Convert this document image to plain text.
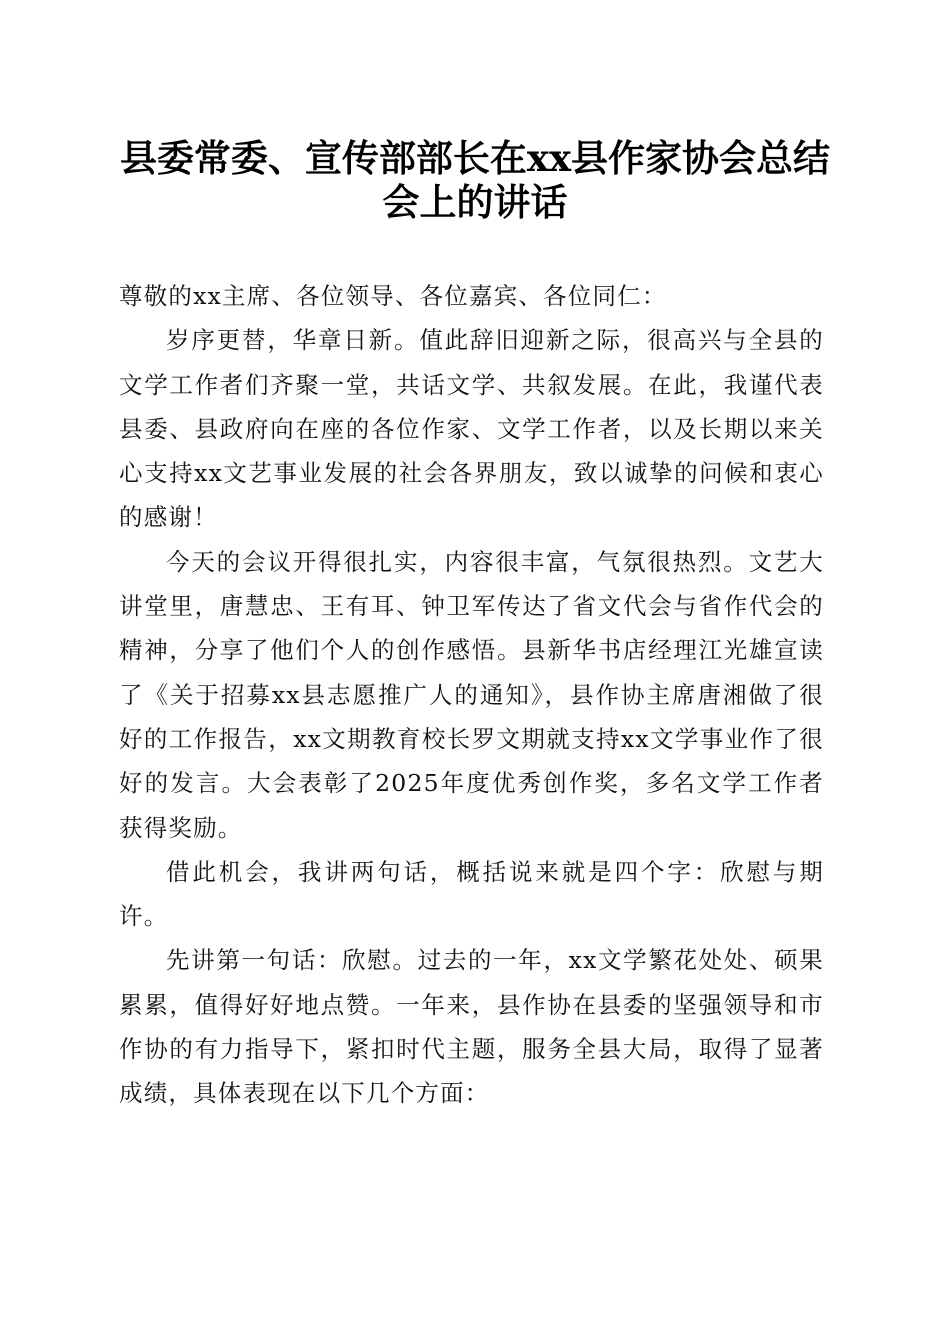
县委常委、宣传部部长在xx县作家协会总结
会上的讲话

尊敬的xx主席、各位领导、各位嘉宾、各位同仁：

岁序更替，华章日新。值此辞旧迎新之际，很高兴与全县的文学工作者们齐聚一堂，共话文学、共叙发展。在此，我谨代表县委、县政府向在座的各位作家、文学工作者，以及长期以来关心支持xx文艺事业发展的社会各界朋友，致以诚挚的问候和衷心的感谢！

今天的会议开得很扎实，内容很丰富，气氛很热烈。文艺大讲堂里，唐慧忠、王有耳、钟卫军传达了省文代会与省作代会的精神，分享了他们个人的创作感悟。县新华书店经理江光雄宣读了《关于招募xx县志愿推广人的通知》，县作协主席唐湘做了很好的工作报告，xx文期教育校长罗文期就支持xx文学事业作了很好的发言。大会表彰了2025年度优秀创作奖，多名文学工作者获得奖励。

借此机会，我讲两句话，概括说来就是四个字：欣慰与期许。

先讲第一句话：欣慰。过去的一年，xx文学繁花处处、硕果累累，值得好好地点赞。一年来，县作协在县委的坚强领导和市作协的有力指导下，紧扣时代主题，服务全县大局，取得了显著成绩，具体表现在以下几个方面：
